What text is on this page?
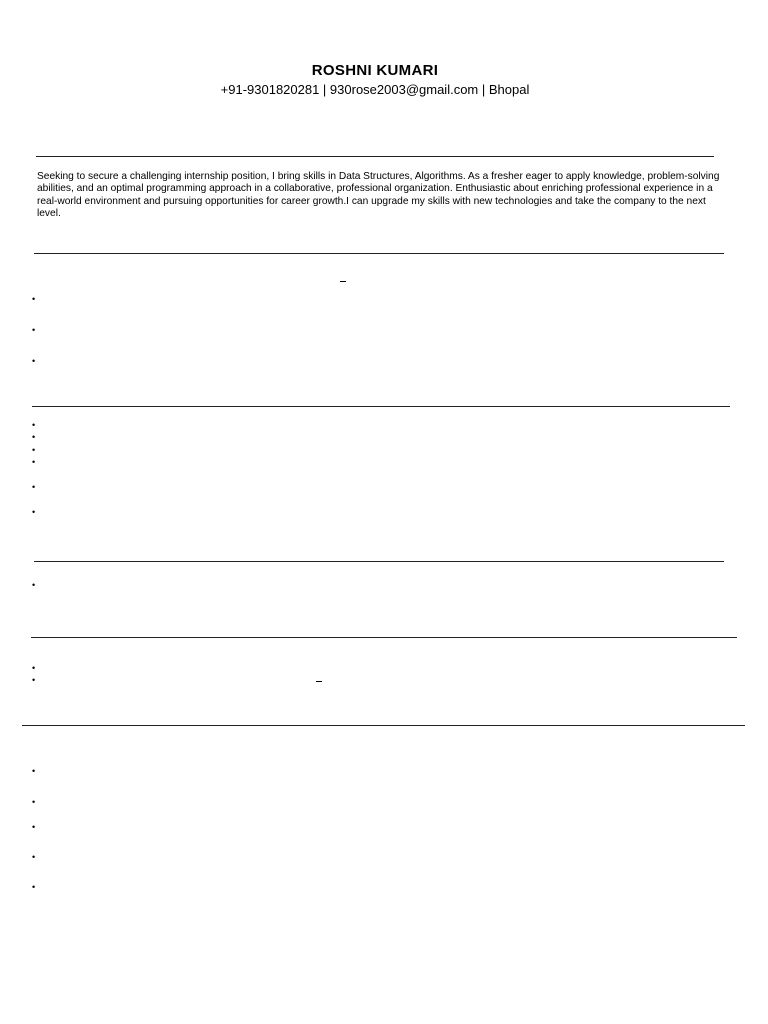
ROSHNI KUMARI
+91-9301820281 | 930rose2003@gmail.com | Bhopal
Seeking to secure a challenging internship position, I bring skills in Data Structures, Algorithms. As a fresher eager to apply knowledge, problem-solving abilities, and an optimal programming approach in a collaborative, professional organization. Enthusiastic about enriching professional experience in a real-world environment and pursuing opportunities for career growth.I can upgrade my skills with new technologies and take the company to the next level.
•
•
•
•
•
•
•
•
•
•
•
•
•
•
•
•
•
